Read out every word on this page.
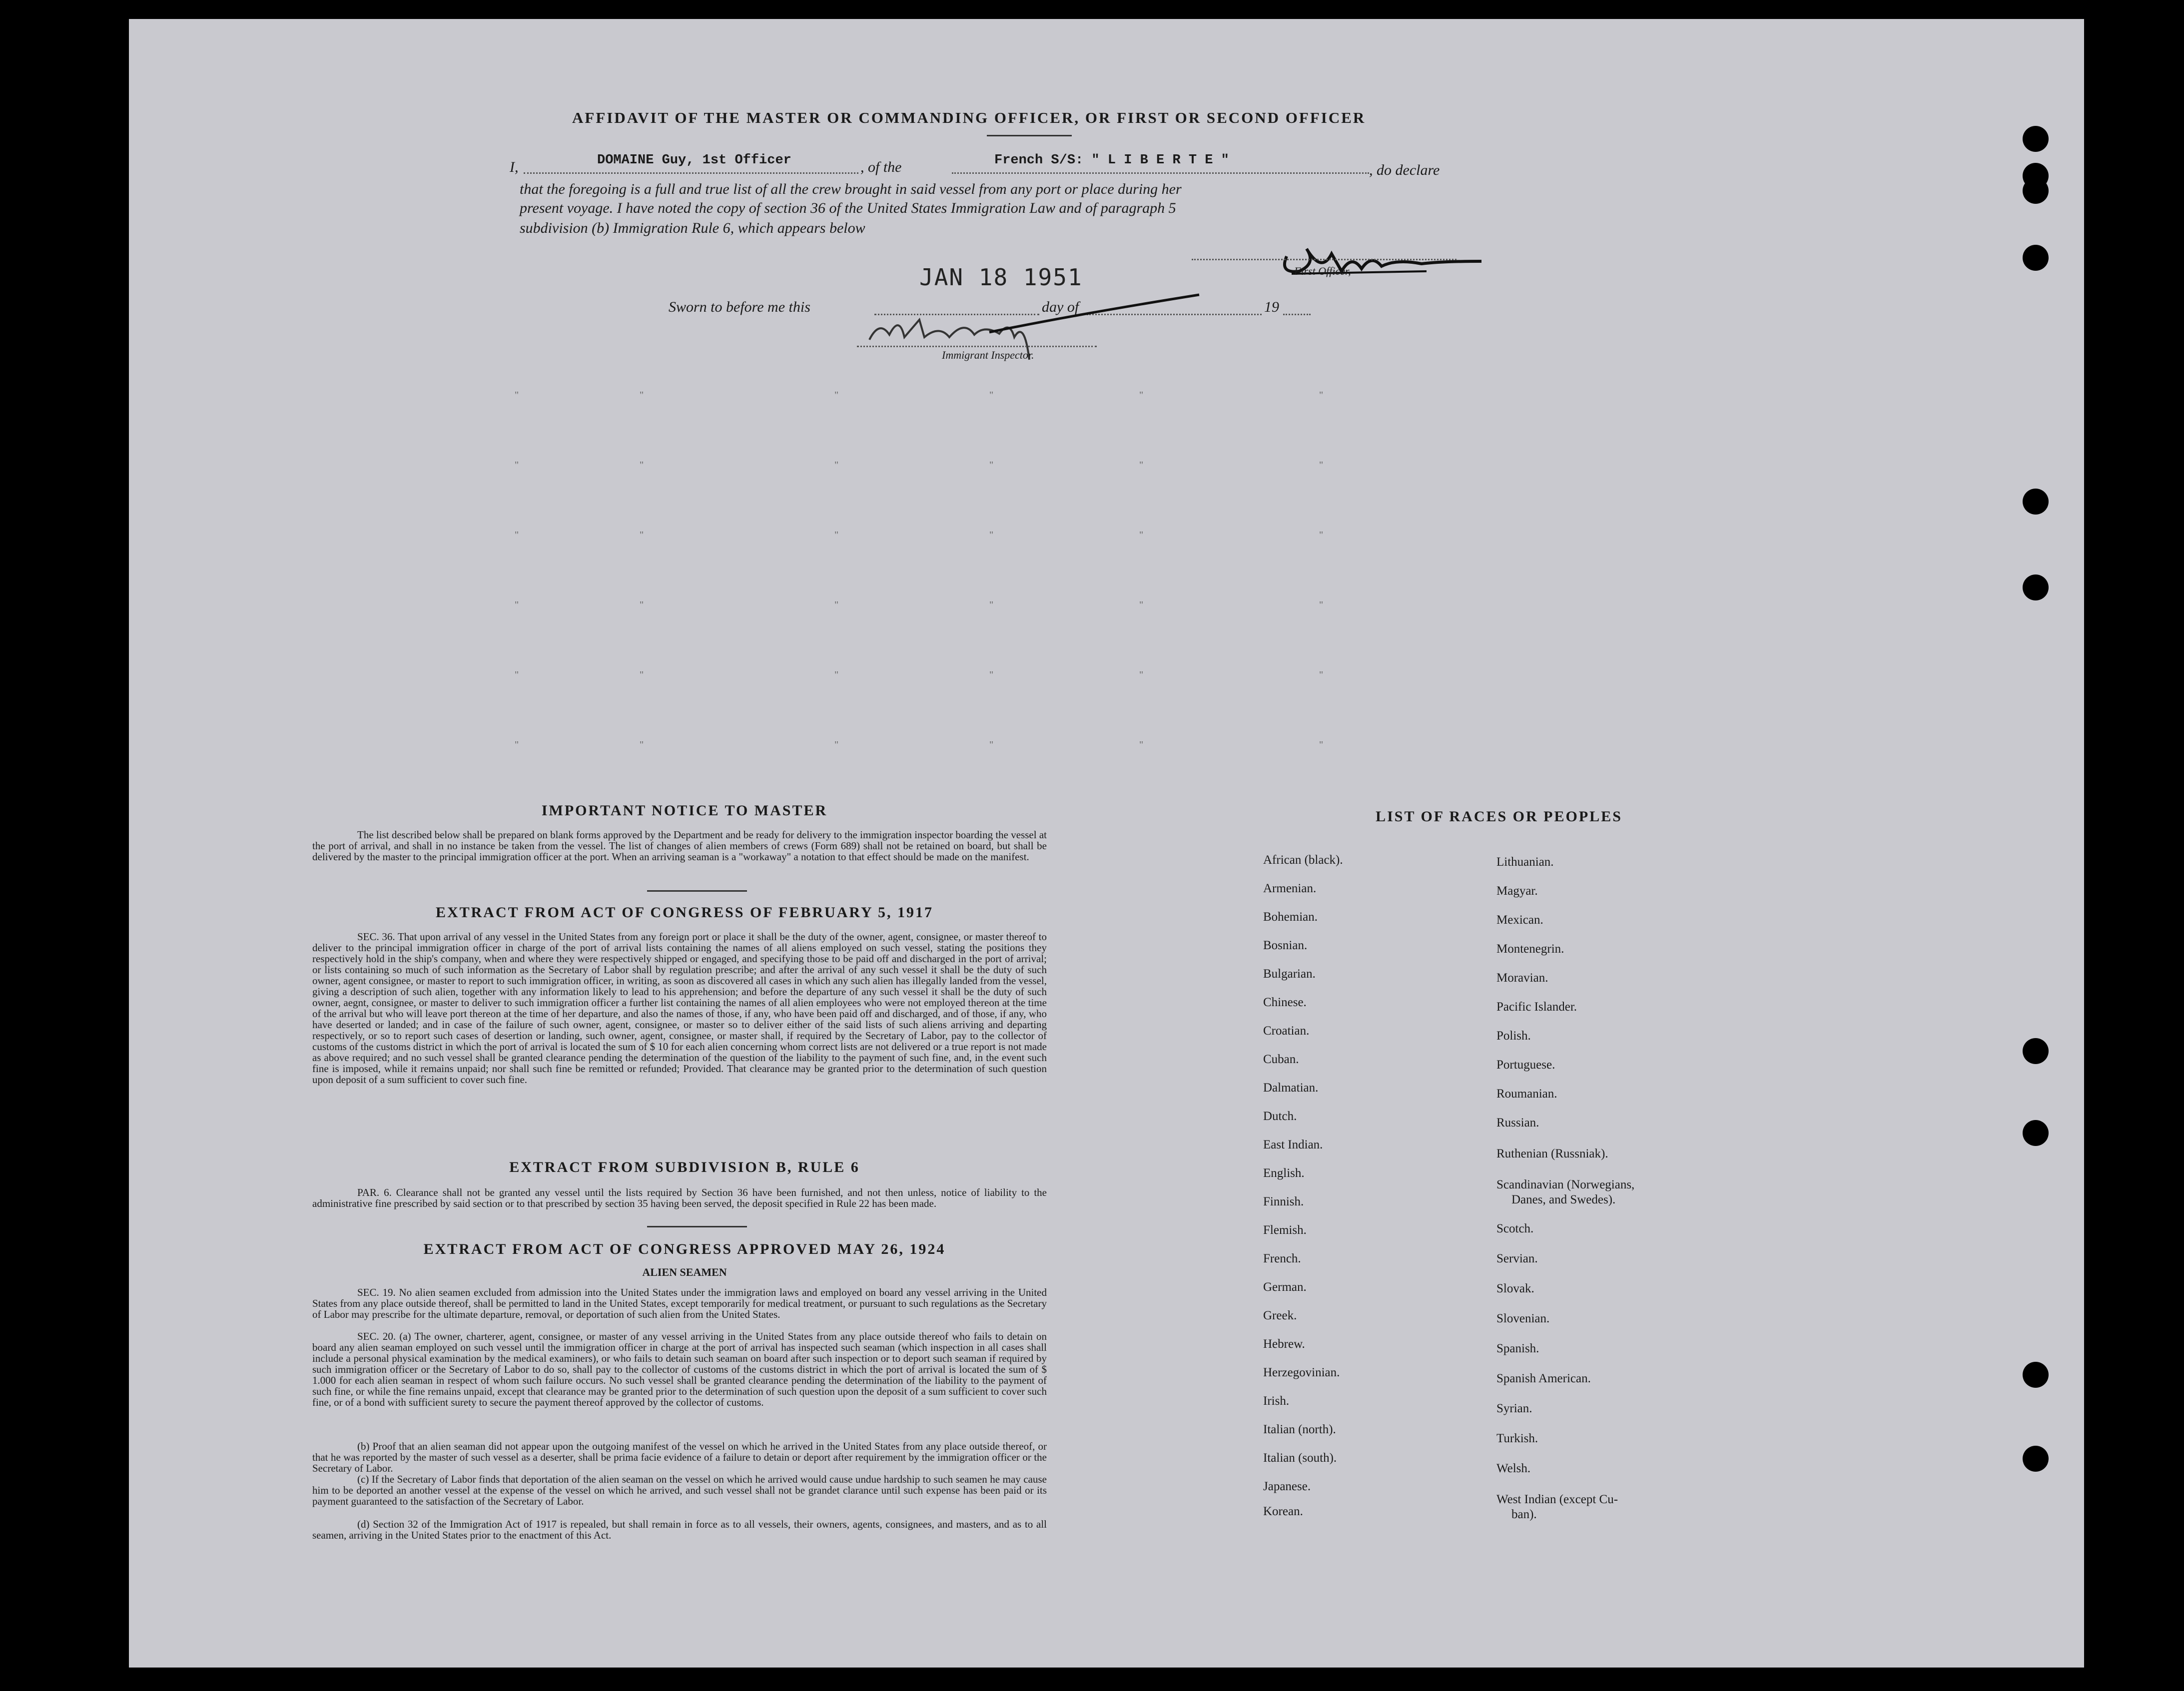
AFFIDAVIT OF THE MASTER OR COMMANDING OFFICER, OR FIRST OR SECOND OFFICER
I,	DOMAINE Guy, 1st Officer	, of the	French S/S: " L I B E R T E "
, do declare
that the foregoing is a full and true list of all the crew brought in said vessel from any port or place during her
present voyage. I have noted the copy of section 36 of the United States Immigration Law and of paragraph 5
subdivision (b) Immigration Rule 6, which appears below
First Officer,
JAN 18 1951
Sworn to before me this	day of	19
Immigrant Inspector.
"	"	"	"	"	"
"	"	"	"	"	"
"	"	"	"	"	"
"	"	"	"	"	"
"	"	"	"	"	"
"	"	"	"	"	"
IMPORTANT NOTICE TO MASTER
The list described below shall be prepared on blank forms approved by the Department and be ready for delivery to the immigration inspector boarding the vessel at the port of arrival, and shall in no instance be taken from the vessel. The list of changes of alien members of crews (Form 689) shall not be retained on board, but shall be delivered by the master to the principal immigration officer at the port. When an arriving seaman is a "workaway" a notation to that effect should be made on the manifest.
EXTRACT FROM ACT OF CONGRESS OF FEBRUARY 5, 1917
SEC. 36. That upon arrival of any vessel in the United States from any foreign port or place it shall be the duty of the owner, agent, consignee, or master thereof to deliver to the principal immigration officer in charge of the port of arrival lists containing the names of all aliens employed on such vessel, stating the positions they respectively hold in the ship's company, when and where they were respectively shipped or engaged, and specifying those to be paid off and discharged in the port of arrival; or lists containing so much of such information as the Secretary of Labor shall by regulation prescribe; and after the arrival of any such vessel it shall be the duty of such owner, agent consignee, or master to report to such immigration officer, in writing, as soon as discovered all cases in which any such alien has illegally landed from the vessel, giving a description of such alien, together with any information likely to lead to his apprehension; and before the departure of any such vessel it shall be the duty of such owner, aegnt, consignee, or master to deliver to such immigration officer a further list containing the names of all alien employees who were not employed thereon at the time of the arrival but who will leave port thereon at the time of her departure, and also the names of those, if any, who have been paid off and discharged, and of those, if any, who have deserted or landed; and in case of the failure of such owner, agent, consignee, or master so to deliver either of the said lists of such aliens arriving and departing respectively, or so to report such cases of desertion or landing, such owner, agent, consignee, or master shall, if required by the Secretary of Labor, pay to the collector of customs of the customs district in which the port of arrival is located the sum of $ 10 for each alien concerning whom correct lists are not delivered or a true report is not made as above required; and no such vessel shall be granted clearance pending the determination of the question of the liability to the payment of such fine, and, in the event such fine is imposed, while it remains unpaid; nor shall such fine be remitted or refunded; Provided. That clearance may be granted prior to the determination of such question upon deposit of a sum sufficient to cover such fine.
EXTRACT FROM SUBDIVISION B, RULE 6
PAR. 6. Clearance shall not be granted any vessel until the lists required by Section 36 have been furnished, and not then unless, notice of liability to the administrative fine prescribed by said section or to that prescribed by section 35 having been served, the deposit specified in Rule 22 has been made.
EXTRACT FROM ACT OF CONGRESS APPROVED MAY 26, 1924
ALIEN SEAMEN
SEC. 19. No alien seamen excluded from admission into the United States under the immigration laws and employed on board any vessel arriving in the United States from any place outside thereof, shall be permitted to land in the United States, except temporarily for medical treatment, or pursuant to such regulations as the Secretary of Labor may prescribe for the ultimate departure, removal, or deportation of such alien from the United States.
SEC. 20. (a) The owner, charterer, agent, consignee, or master of any vessel arriving in the United States from any place outside thereof who fails to detain on board any alien seaman employed on such vessel until the immigration officer in charge at the port of arrival has inspected such seaman (which inspection in all cases shall include a personal physical examination by the medical examiners), or who fails to detain such seaman on board after such inspection or to deport such seaman if required by such immigration officer or the Secretary of Labor to do so, shall pay to the collector of customs of the customs district in which the port of arrival is located the sum of $ 1.000 for each alien seaman in respect of whom such failure occurs. No such vessel shall be granted clearance pending the determination of the liability to the payment of such fine, or while the fine remains unpaid, except that clearance may be granted prior to the determination of such question upon the deposit of a sum sufficient to cover such fine, or of a bond with sufficient surety to secure the payment thereof approved by the collector of customs.
(b) Proof that an alien seaman did not appear upon the outgoing manifest of the vessel on which he arrived in the United States from any place outside thereof, or that he was reported by the master of such vessel as a deserter, shall be prima facie evidence of a failure to detain or deport after requirement by the immigration officer or the Secretary of Labor.
(c) If the Secretary of Labor finds that deportation of the alien seaman on the vessel on which he arrived would cause undue hardship to such seamen he may cause him to be deported an another vessel at the expense of the vessel on which he arrived, and such vessel shall not be grandet clarance until such expense has been paid or its payment guaranteed to the satisfaction of the Secretary of Labor.
(d) Section 32 of the Immigration Act of 1917 is repealed, but shall remain in force as to all vessels, their owners, agents, consignees, and masters, and as to all seamen, arriving in the United States prior to the enactment of this Act.
LIST OF RACES OR PEOPLES
African (black).
Armenian.
Bohemian.
Bosnian.
Bulgarian.
Chinese.
Croatian.
Cuban.
Dalmatian.
Dutch.
East Indian.
English.
Finnish.
Flemish.
French.
German.
Greek.
Hebrew.
Herzegovinian.
Irish.
Italian (north).
Italian (south).
Japanese.
Korean.
Lithuanian.
Magyar.
Mexican.
Montenegrin.
Moravian.
Pacific Islander.
Polish.
Portuguese.
Roumanian.
Russian.
Ruthenian (Russniak).
Scandinavian (Norwegians,
Danes, and Swedes).
Scotch.
Servian.
Slovak.
Slovenian.
Spanish.
Spanish American.
Syrian.
Turkish.
Welsh.
West Indian (except Cu-
ban).
